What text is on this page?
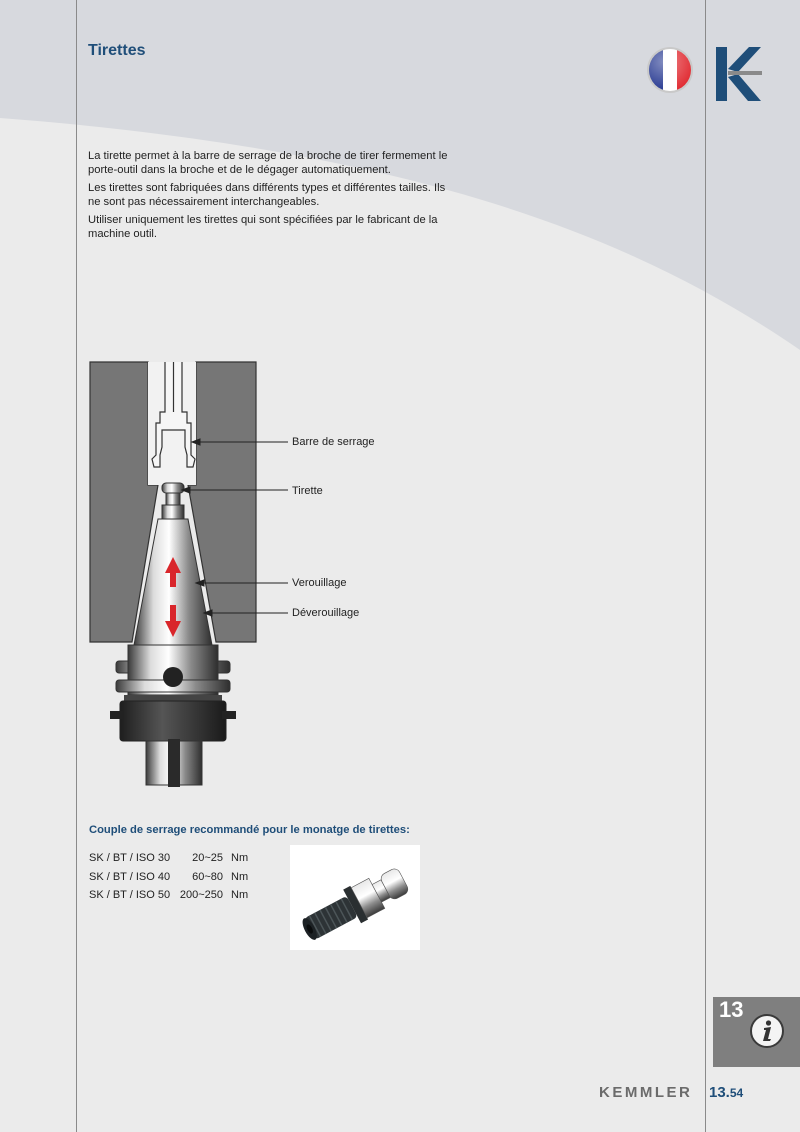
Tirettes

La tirette permet à la barre de serrage de la broche de tirer fermement le porte-outil dans la broche et de le dégager automatiquement.

Les tirettes sont fabriquées dans différents types et différentes tailles. Ils ne sont pas nécessairement interchangeables.

Utiliser uniquement les tirettes qui sont spécifiées par le fabricant de la machine outil.

Barre de serrage
Tirette
Verouillage
Déverouillage
Couple de serrage recommandé pour le monatge de tirettes:
SK / BT / ISO 30	20~25	Nm
SK / BT / ISO 40	60~80	Nm
SK / BT / ISO 50	200~250	Nm
13
KEMMLER 13.54
